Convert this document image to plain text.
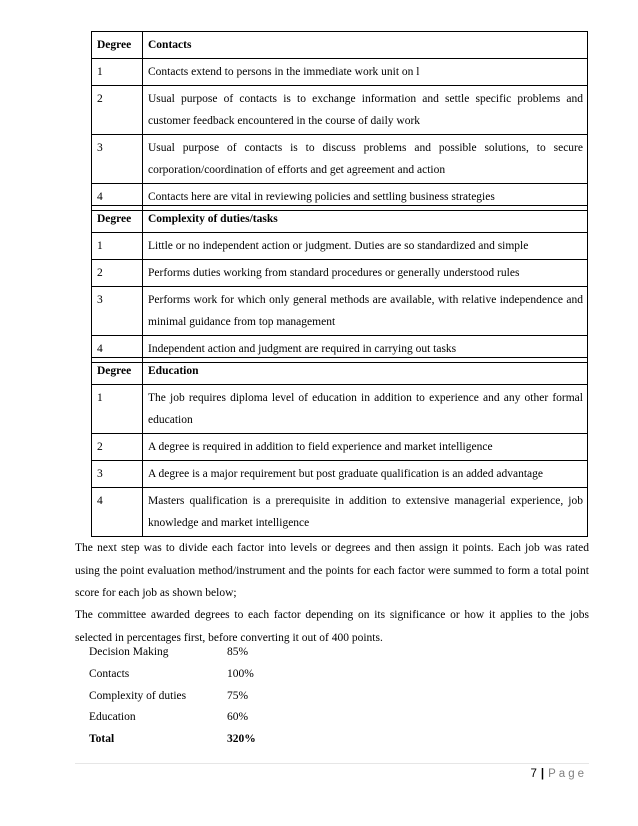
Degree	Contacts
1	Contacts extend to persons in the immediate work unit on l
2	Usual purpose of contacts is to exchange information and settle specific problems and customer feedback encountered in the course of daily work
3	Usual purpose of contacts is to discuss problems and possible solutions, to secure corporation/coordination of efforts and get agreement and action
4	Contacts here are vital in reviewing policies and settling business strategies
Degree	Complexity of duties/tasks
1	Little or no independent action or judgment. Duties are so standardized and simple
2	Performs duties working from standard procedures or generally understood rules
3	Performs work for which only general methods are available, with relative independence and minimal guidance from top management
4	Independent action and judgment are required in carrying out tasks
Degree	Education
1	The job requires diploma level of education in addition to experience and any other formal education
2	A degree is required in addition to field experience and market intelligence
3	A degree is a major requirement but post graduate qualification is an added advantage
4	Masters qualification is a prerequisite in addition to extensive managerial experience, job knowledge and market intelligence

The next step was to divide each factor into levels or degrees and then assign it points. Each job was rated using the point evaluation method/instrument and the points for each factor were summed to form a total point score for each job as shown below;

The committee awarded degrees to each factor depending on its significance or how it applies to the jobs selected in percentages first, before converting it out of 400 points.

Decision Making	85%
Contacts	100%
Complexity of duties	75%
Education	60%
Total	320%
7 | Page
